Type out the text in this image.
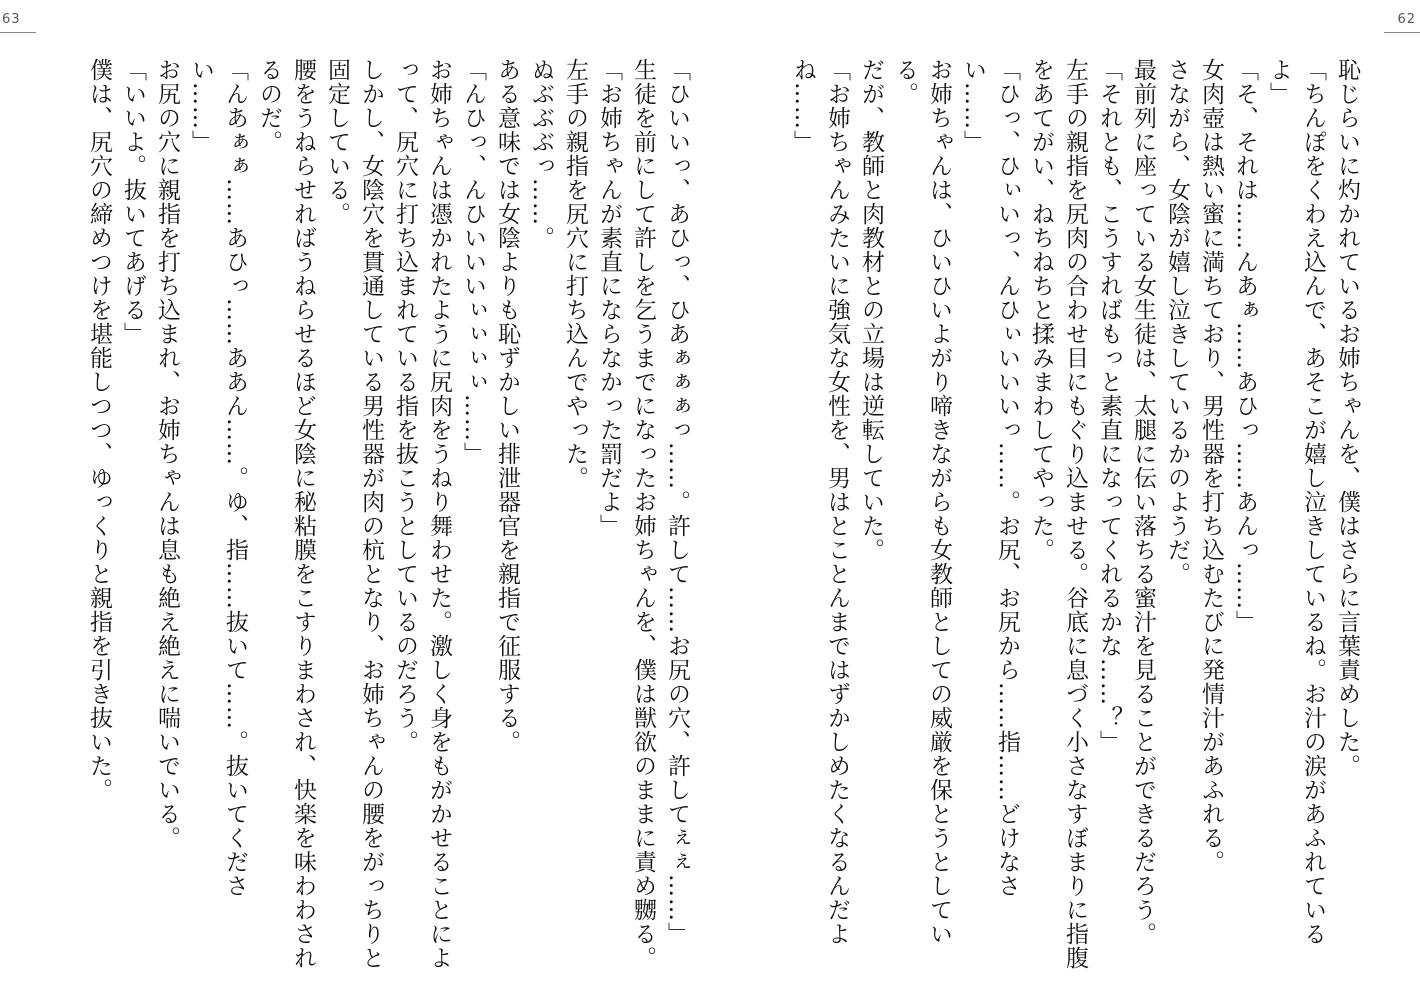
63
「ひいいっ、あひっ、ひあぁぁぁっ……。許して……お尻の穴、許してぇぇ……」
生徒を前にして許しを乞うまでになったお姉ちゃんを、僕は獣欲のままに責め嬲る。
「お姉ちゃんが素直にならなかった罰だよ」
左手の親指を尻穴に打ち込んでやった。
ぬぶぶぶっ……。
ある意味では女陰よりも恥ずかしい排泄器官を親指で征服する。
「んひっ、んひいいいぃぃぃぃ……」
お姉ちゃんは憑かれたように尻肉をうねり舞わせた。激しく身をもがかせることによって、尻穴に打ち込まれている指を抜こうとしているのだろう。
しかし、女陰穴を貫通している男性器が肉の杭となり、お姉ちゃんの腰をがっちりと固定している。
腰をうねらせればうねらせるほど女陰に秘粘膜をこすりまわされ、快楽を味わわされるのだ。
「んあぁぁ……あひっ……ああん……。ゆ、指……抜いて……。抜いてください……」
お尻の穴に親指を打ち込まれ、お姉ちゃんは息も絶え絶えに喘いでいる。
「いいよ。抜いてあげる」
僕は、尻穴の締めつけを堪能しつつ、ゆっくりと親指を引き抜いた。
62
恥じらいに灼かれているお姉ちゃんを、僕はさらに言葉責めした。
「ちんぽをくわえ込んで、あそこが嬉し泣きしているね。お汁の涙があふれているよ」
「そ、それは……んあぁ……あひっ……あんっ……」
女肉壺は熱い蜜に満ちており、男性器を打ち込むたびに発情汁があふれる。
さながら、女陰が嬉し泣きしているかのようだ。
最前列に座っている女生徒は、太腿に伝い落ちる蜜汁を見ることができるだろう。
「それとも、こうすればもっと素直になってくれるかな……？」
左手の親指を尻肉の合わせ目にもぐり込ませる。谷底に息づく小さなすぼまりに指腹をあてがい、ねちねちと揉みまわしてやった。
「ひっ、ひぃいっ、んひぃいいいっ……。お尻、お尻から……指……どけなさい……」
お姉ちゃんは、ひいひいよがり啼きながらも女教師としての威厳を保とうとしている。
だが、教師と肉教材との立場は逆転していた。
「お姉ちゃんみたいに強気な女性を、男はとことんまではずかしめたくなるんだよね……」
